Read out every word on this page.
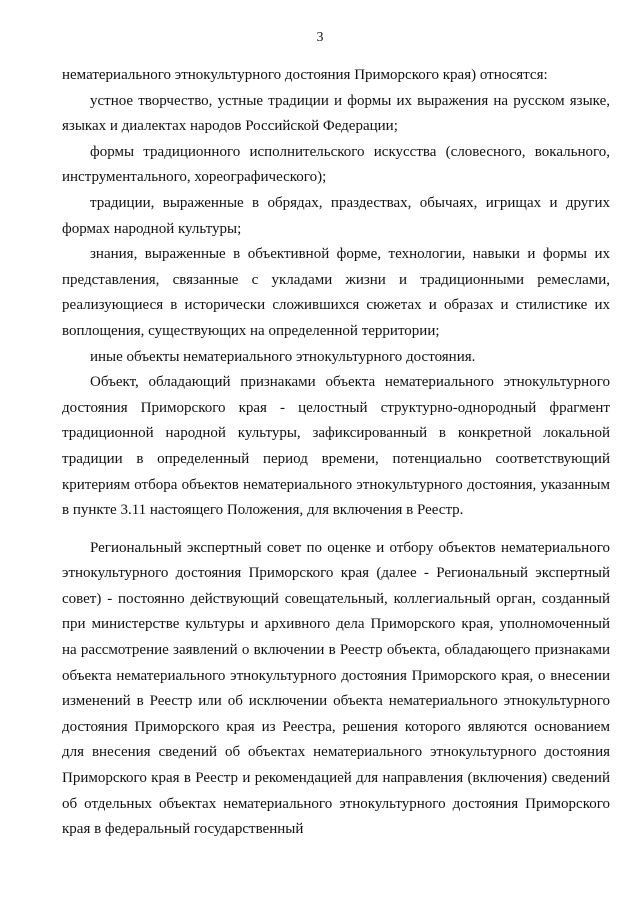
3

нематериального этнокультурного достояния Приморского края) относятся:

устное творчество, устные традиции и формы их выражения на русском языке, языках и диалектах народов Российской Федерации;

формы традиционного исполнительского искусства (словесного, вокального, инструментального, хореографического);

традиции, выраженные в обрядах, праздествах, обычаях, игрищах и других формах народной культуры;

знания, выраженные в объективной форме, технологии, навыки и формы их представления, связанные с укладами жизни и традиционными ремеслами, реализующиеся в исторически сложившихся сюжетах и образах и стилистике их воплощения, существующих на определенной территории;

иные объекты нематериального этнокультурного достояния.

Объект, обладающий признаками объекта нематериального этнокультурного достояния Приморского края - целостный структурно-однородный фрагмент традиционной народной культуры, зафиксированный в конкретной локальной традиции в определенный период времени, потенциально соответствующий критериям отбора объектов нематериального этнокультурного достояния, указанным в пункте 3.11 настоящего Положения, для включения в Реестр.

Региональный экспертный совет по оценке и отбору объектов нематериального этнокультурного достояния Приморского края (далее - Региональный экспертный совет) - постоянно действующий совещательный, коллегиальный орган, созданный при министерстве культуры и архивного дела Приморского края, уполномоченный на рассмотрение заявлений о включении в Реестр объекта, обладающего признаками объекта нематериального этнокультурного достояния Приморского края, о внесении изменений в Реестр или об исключении объекта нематериального этнокультурного достояния Приморского края из Реестра, решения которого являются основанием для внесения сведений об объектах нематериального этнокультурного достояния Приморского края в Реестр и рекомендацией для направления (включения) сведений об отдельных объектах нематериального этнокультурного достояния Приморского края в федеральный государственный
